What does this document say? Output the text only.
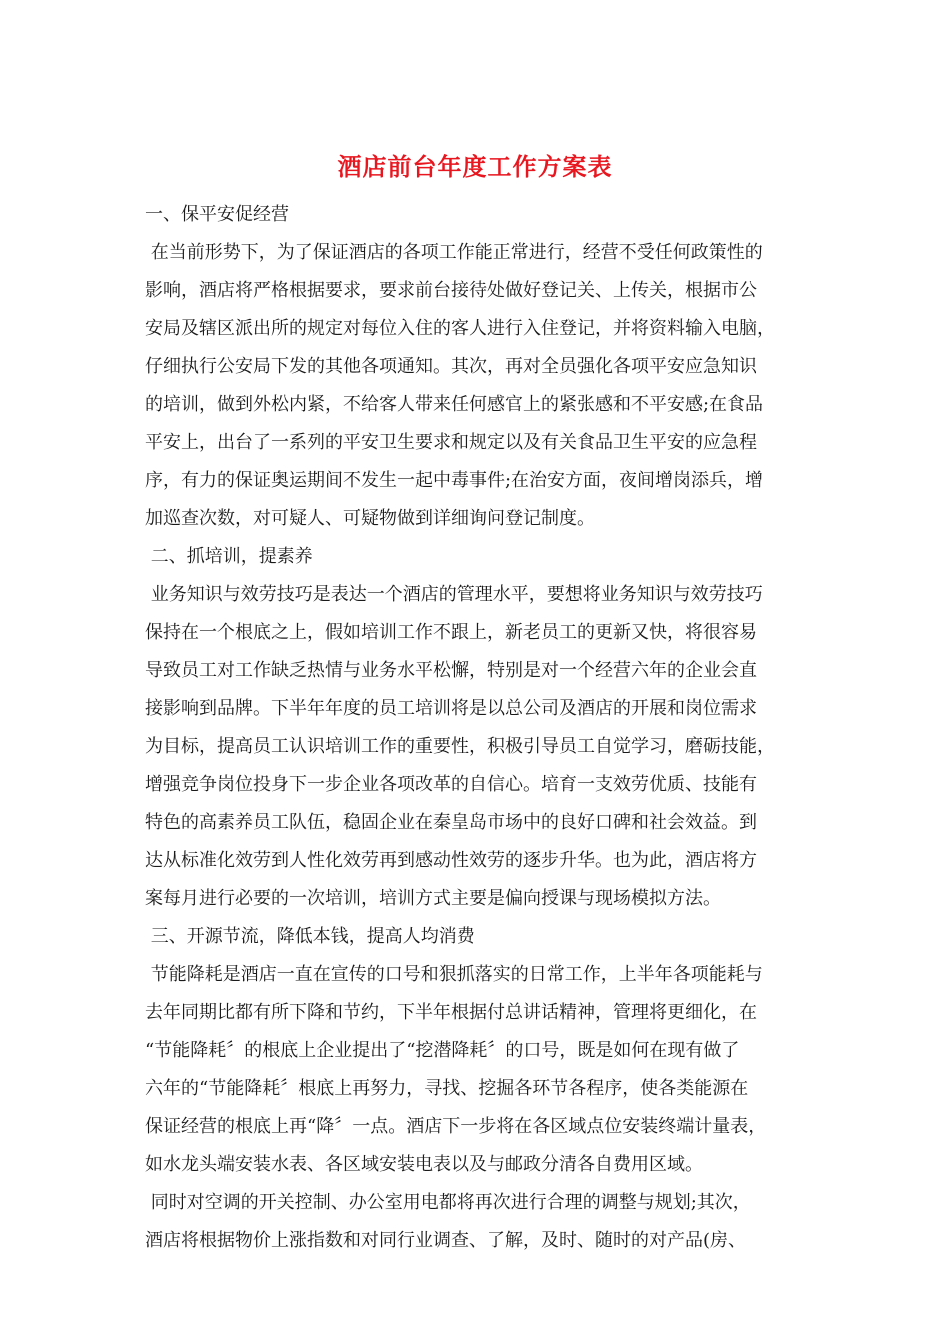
酒店前台年度工作方案表
一、保平安促经营
在当前形势下，为了保证酒店的各项工作能正常进行，经营不受任何政策性的
影响，酒店将严格根据要求，要求前台接待处做好登记关、上传关，根据市公
安局及辖区派出所的规定对每位入住的客人进行入住登记，并将资料输入电脑，
仔细执行公安局下发的其他各项通知。其次，再对全员强化各项平安应急知识
的培训，做到外松内紧，不给客人带来任何感官上的紧张感和不平安感;在食品
平安上，出台了一系列的平安卫生要求和规定以及有关食品卫生平安的应急程
序，有力的保证奥运期间不发生一起中毒事件;在治安方面，夜间增岗添兵，增
加巡查次数，对可疑人、可疑物做到详细询问登记制度。
二、抓培训，提素养
业务知识与效劳技巧是表达一个酒店的管理水平，要想将业务知识与效劳技巧
保持在一个根底之上，假如培训工作不跟上，新老员工的更新又快，将很容易
导致员工对工作缺乏热情与业务水平松懈，特别是对一个经营六年的企业会直
接影响到品牌。下半年年度的员工培训将是以总公司及酒店的开展和岗位需求
为目标，提高员工认识培训工作的重要性，积极引导员工自觉学习，磨砺技能，
增强竞争岗位投身下一步企业各项改革的自信心。培育一支效劳优质、技能有
特色的高素养员工队伍，稳固企业在秦皇岛市场中的良好口碑和社会效益。到
达从标准化效劳到人性化效劳再到感动性效劳的逐步升华。也为此，酒店将方
案每月进行必要的一次培训，培训方式主要是偏向授课与现场模拟方法。
三、开源节流，降低本钱，提高人均消费
节能降耗是酒店一直在宣传的口号和狠抓落实的日常工作，上半年各项能耗与
去年同期比都有所下降和节约，下半年根据付总讲话精神，管理将更细化，在
“节能降耗〞的根底上企业提出了“挖潜降耗〞的口号，既是如何在现有做了
六年的“节能降耗〞根底上再努力，寻找、挖掘各环节各程序，使各类能源在
保证经营的根底上再“降〞一点。酒店下一步将在各区域点位安装终端计量表，
如水龙头端安装水表、各区域安装电表以及与邮政分清各自费用区域。
同时对空调的开关控制、办公室用电都将再次进行合理的调整与规划;其次，
酒店将根据物价上涨指数和对同行业调查、了解，及时、随时的对产品(房、
